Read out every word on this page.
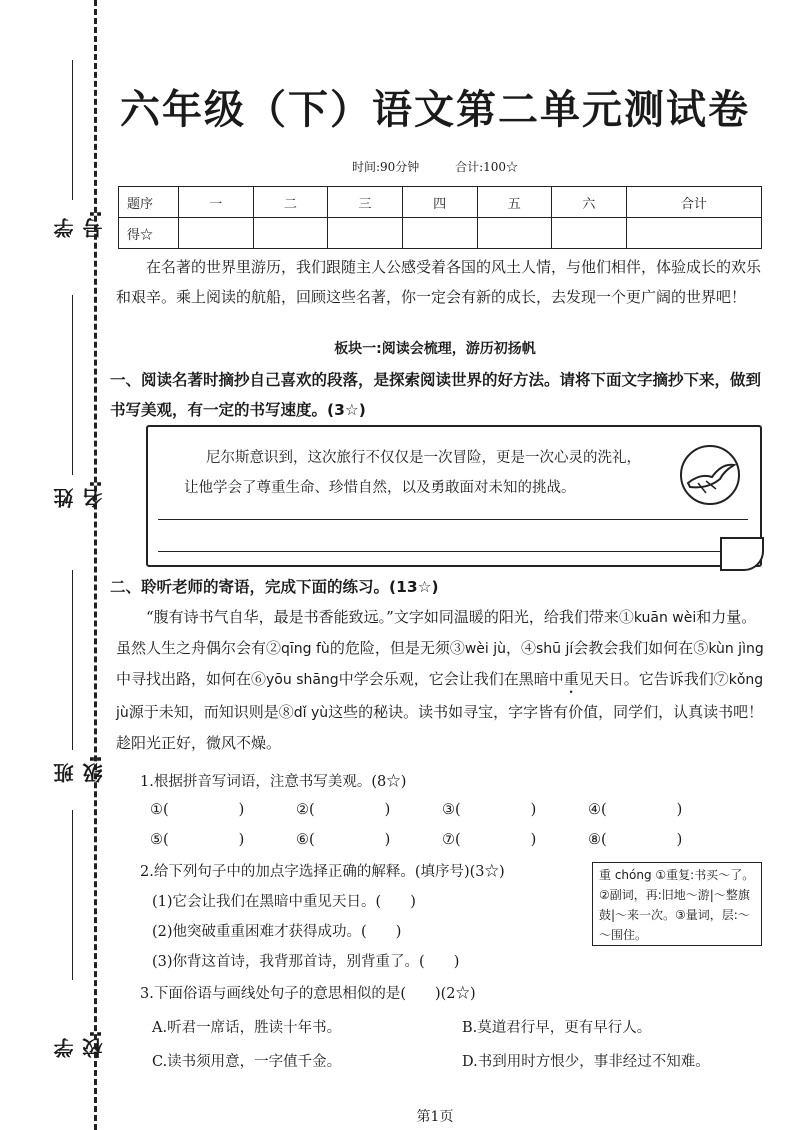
学校:
班级:
姓名:
学号:
六年级（下）语文第二单元测试卷
时间:90分钟	合计:100☆
题序	一	二	三	四	五	六	合计
得☆							
在名著的世界里游历，我们跟随主人公感受着各国的风土人情，与他们相伴，体验成长的欢乐和艰辛。乘上阅读的航船，回顾这些名著，你一定会有新的成长，去发现一个更广阔的世界吧！
板块一:阅读会梳理，游历初扬帆
一、阅读名著时摘抄自己喜欢的段落，是探索阅读世界的好方法。请将下面文字摘抄下来，做到书写美观，有一定的书写速度。(3☆)
尼尔斯意识到，这次旅行不仅仅是一次冒险，更是一次心灵的洗礼，
让他学会了尊重生命、珍惜自然，以及勇敢面对未知的挑战。
二、聆听老师的寄语，完成下面的练习。(13☆)
“腹有诗书气自华，最是书香能致远。”文字如同温暖的阳光，给我们带来①kuān wèi和力量。虽然人生之舟偶尔会有②qīng fù的危险，但是无须③wèi jù，④shū jí会教会我们如何在⑤kùn jìng中寻找出路，如何在⑥yōu shāng中学会乐观，它会让我们在黑暗中重见天日。它告诉我们⑦kǒng jù源于未知，而知识则是⑧dǐ yù这些的秘诀。读书如寻宝，字字皆有价值，同学们，认真读书吧！趁阳光正好，微风不燥。
1.根据拼音写词语，注意书写美观。(8☆)
①(	)	②(	)	③(	)	④(	)
⑤(	)	⑥(	)	⑦(	)	⑧(	)
2.给下列句子中的加点字选择正确的解释。(填序号)(3☆)
(1)它会让我们在黑暗中重见天日。(　　)
(2)他突破重重困难才获得成功。(　　)
(3)你背这首诗，我背那首诗，别背重了。(　　)
重 chóng ①重复:书买～了。②副词，再:旧地～游|～整旗鼓|～来一次。③量词，层:～～围住。
3.下面俗语与画线处句子的意思相似的是(　　)(2☆)
A.听君一席话，胜读十年书。	B.莫道君行早，更有早行人。
C.读书须用意，一字值千金。	D.书到用时方恨少，事非经过不知难。
第1页
